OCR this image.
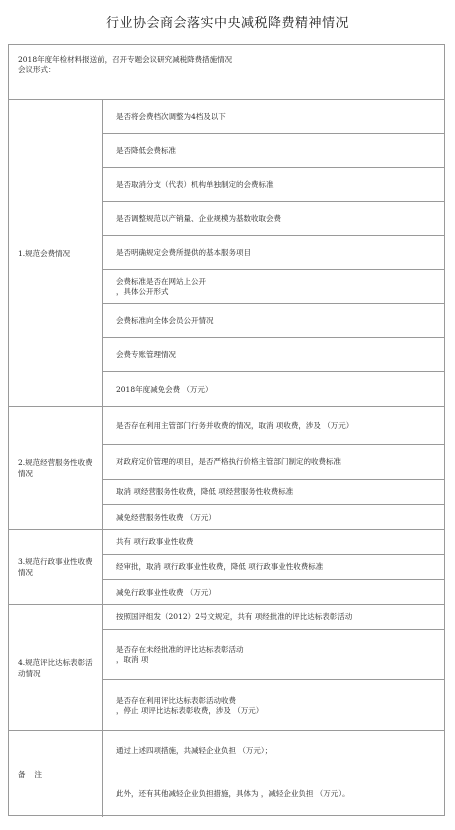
行业协会商会落实中央减税降费精神情况
2018年度年检材料报送前，召开专题会议研究减税降费措施情况
会议形式：
1.规范会费情况
是否将会费档次调整为4档及以下
是否降低会费标准
是否取消分支（代表）机构单独制定的会费标准
是否调整规范以产销量、企业规模为基数收取会费
是否明确规定会费所提供的基本服务项目
会费标准是否在网站上公开
，具体公开形式
会费标准向全体会员公开情况
会费专账管理情况
2018年度减免会费 （万元）
2.规范经营服务性收费情况
是否存在利用主管部门行务并收费的情况，取消 项收费，涉及 （万元）
对政府定价管理的项目，是否严格执行价格主管部门制定的收费标准
取消 项经营服务性收费，降低 项经营服务性收费标准
减免经营服务性收费 （万元）
3.规范行政事业性收费情况
共有 项行政事业性收费
经审批，取消 项行政事业性收费，降低 项行政事业性收费标准
减免行政事业性收费 （万元）
4.规范评比达标表彰活动情况
按照国评组发（2012）2号文规定，共有 项经批准的评比达标表彰活动
是否存在未经批准的评比达标表彰活动
，取消 项
是否存在利用评比达标表彰活动收费
，停止 项评比达标表彰收费，涉及 （万元）
备注
通过上述四项措施，共减轻企业负担 （万元）；
此外，还有其他减轻企业负担措施，具体为 ，减轻企业负担 （万元）。
